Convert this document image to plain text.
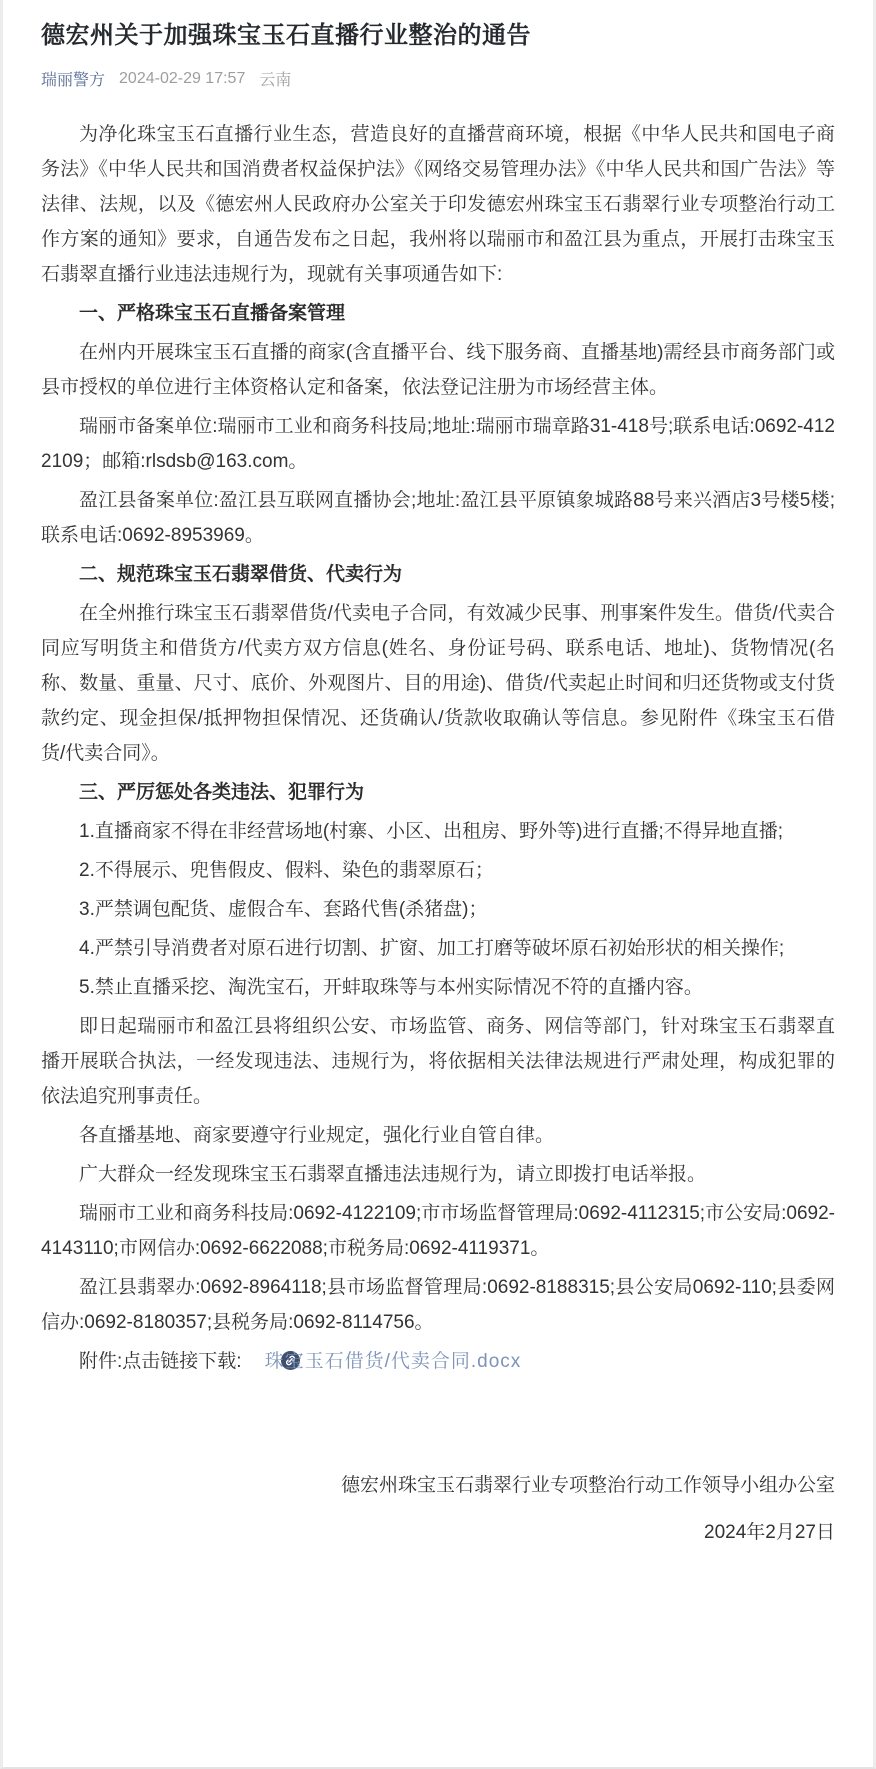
德宏州关于加强珠宝玉石直播行业整治的通告
瑞丽警方 2024-02-29 17:57 云南

为净化珠宝玉石直播行业生态，营造良好的直播营商环境，根据《中华人民共和国电子商务法》《中华人民共和国消费者权益保护法》《网络交易管理办法》《中华人民共和国广告法》等法律、法规，以及《德宏州人民政府办公室关于印发德宏州珠宝玉石翡翠行业专项整治行动工作方案的通知》要求，自通告发布之日起，我州将以瑞丽市和盈江县为重点，开展打击珠宝玉石翡翠直播行业违法违规行为，现就有关事项通告如下:

一、严格珠宝玉石直播备案管理

在州内开展珠宝玉石直播的商家(含直播平台、线下服务商、直播基地)需经县市商务部门或县市授权的单位进行主体资格认定和备案，依法登记注册为市场经营主体。

瑞丽市备案单位:瑞丽市工业和商务科技局;地址:瑞丽市瑞章路31-418号;联系电话:0692-4122109；邮箱:rlsdsb@163.com。

盈江县备案单位:盈江县互联网直播协会;地址:盈江县平原镇象城路88号来兴酒店3号楼5楼;联系电话:0692-8953969。

二、规范珠宝玉石翡翠借货、代卖行为

在全州推行珠宝玉石翡翠借货/代卖电子合同，有效减少民事、刑事案件发生。借货/代卖合同应写明货主和借货方/代卖方双方信息(姓名、身份证号码、联系电话、地址)、货物情况(名称、数量、重量、尺寸、底价、外观图片、目的用途)、借货/代卖起止时间和归还货物或支付货款约定、现金担保/抵押物担保情况、还货确认/货款收取确认等信息。参见附件《珠宝玉石借货/代卖合同》。

三、严厉惩处各类违法、犯罪行为

1.直播商家不得在非经营场地(村寨、小区、出租房、野外等)进行直播;不得异地直播;

2.不得展示、兜售假皮、假料、染色的翡翠原石；

3.严禁调包配货、虚假合车、套路代售(杀猪盘)；

4.严禁引导消费者对原石进行切割、扩窗、加工打磨等破坏原石初始形状的相关操作;

5.禁止直播采挖、淘洗宝石，开蚌取珠等与本州实际情况不符的直播内容。

即日起瑞丽市和盈江县将组织公安、市场监管、商务、网信等部门，针对珠宝玉石翡翠直播开展联合执法，一经发现违法、违规行为，将依据相关法律法规进行严肃处理，构成犯罪的依法追究刑事责任。

各直播基地、商家要遵守行业规定，强化行业自管自律。

广大群众一经发现珠宝玉石翡翠直播违法违规行为，请立即拨打电话举报。

瑞丽市工业和商务科技局:0692-4122109;市市场监督管理局:0692-4112315;市公安局:0692-4143110;市网信办:0692-6622088;市税务局:0692-4119371。

盈江县翡翠办:0692-8964118;县市场监督管理局:0692-8188315;县公安局0692-110;县委网信办:0692-8180357;县税务局:0692-8114756。

附件:点击链接下载: 珠宝玉石借货/代卖合同.docx

德宏州珠宝玉石翡翠行业专项整治行动工作领导小组办公室
2024年2月27日
